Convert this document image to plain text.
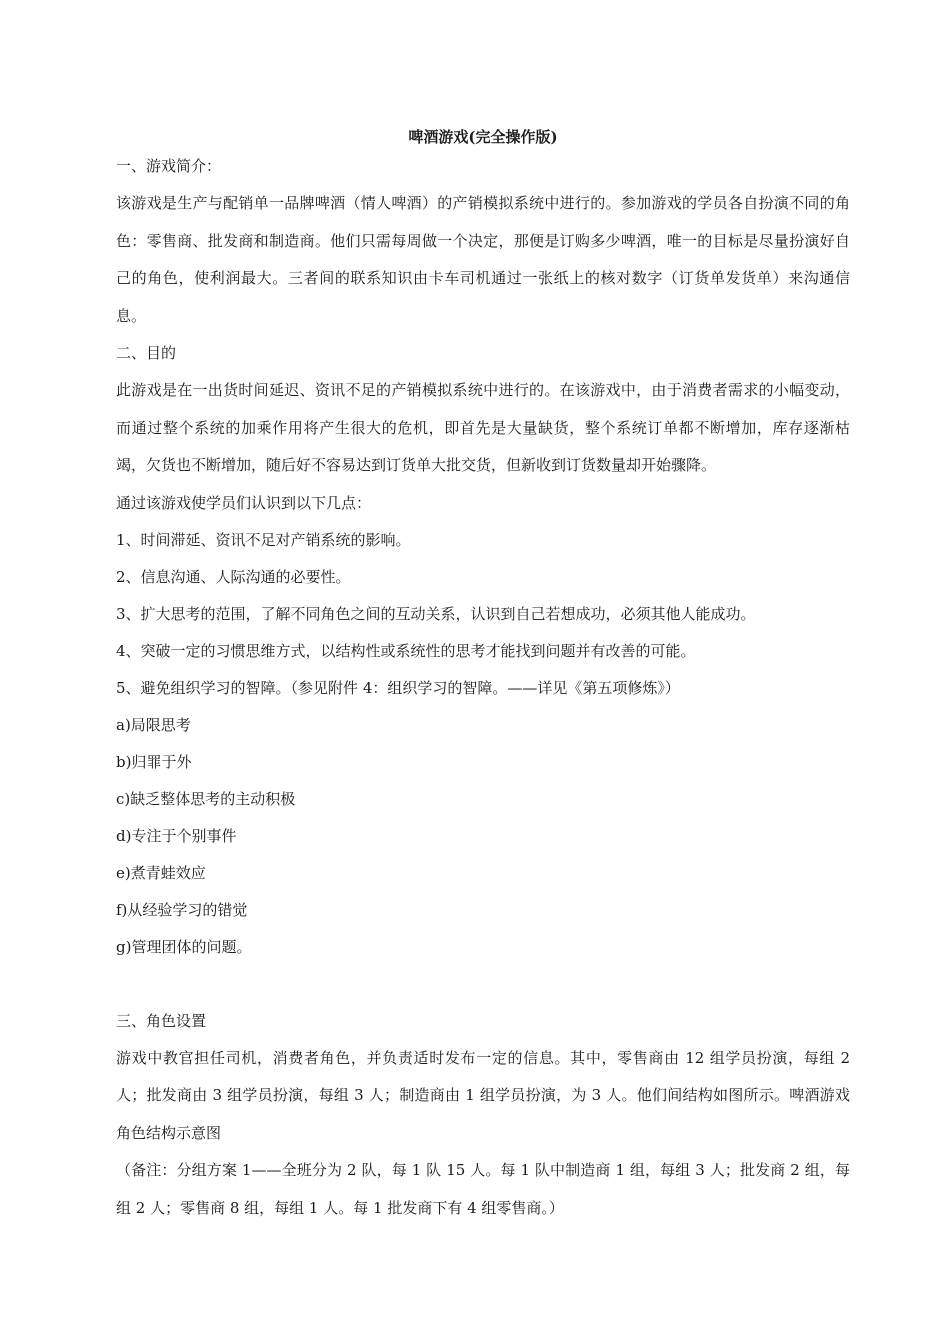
啤酒游戏(完全操作版)

一、游戏简介：

该游戏是生产与配销单一品牌啤酒（情人啤酒）的产销模拟系统中进行的。参加游戏的学员各自扮演不同的角色：零售商、批发商和制造商。他们只需每周做一个决定，那便是订购多少啤酒，唯一的目标是尽量扮演好自己的角色，使利润最大。三者间的联系知识由卡车司机通过一张纸上的核对数字（订货单发货单）来沟通信息。

二、目的

此游戏是在一出货时间延迟、资讯不足的产销模拟系统中进行的。在该游戏中，由于消费者需求的小幅变动，而通过整个系统的加乘作用将产生很大的危机，即首先是大量缺货，整个系统订单都不断增加，库存逐渐枯竭，欠货也不断增加，随后好不容易达到订货单大批交货，但新收到订货数量却开始骤降。

通过该游戏使学员们认识到以下几点：

1、时间滞延、资讯不足对产销系统的影响。

2、信息沟通、人际沟通的必要性。

3、扩大思考的范围，了解不同角色之间的互动关系，认识到自己若想成功，必须其他人能成功。

4、突破一定的习惯思维方式，以结构性或系统性的思考才能找到问题并有改善的可能。

5、避免组织学习的智障。（参见附件 4：组织学习的智障。——详见《第五项修炼》）

a)局限思考

b)归罪于外

c)缺乏整体思考的主动积极

d)专注于个别事件

e)煮青蛙效应

f)从经验学习的错觉

g)管理团体的问题。

三、角色设置

游戏中教官担任司机，消费者角色，并负责适时发布一定的信息。其中，零售商由 12 组学员扮演，每组 2 人；批发商由 3 组学员扮演，每组 3 人；制造商由 1 组学员扮演，为 3 人。他们间结构如图所示。啤酒游戏角色结构示意图

（备注：分组方案 1——全班分为 2 队，每 1 队 15 人。每 1 队中制造商 1 组，每组 3 人；批发商 2 组，每组 2 人；零售商 8 组，每组 1 人。每 1 批发商下有 4 组零售商。）
